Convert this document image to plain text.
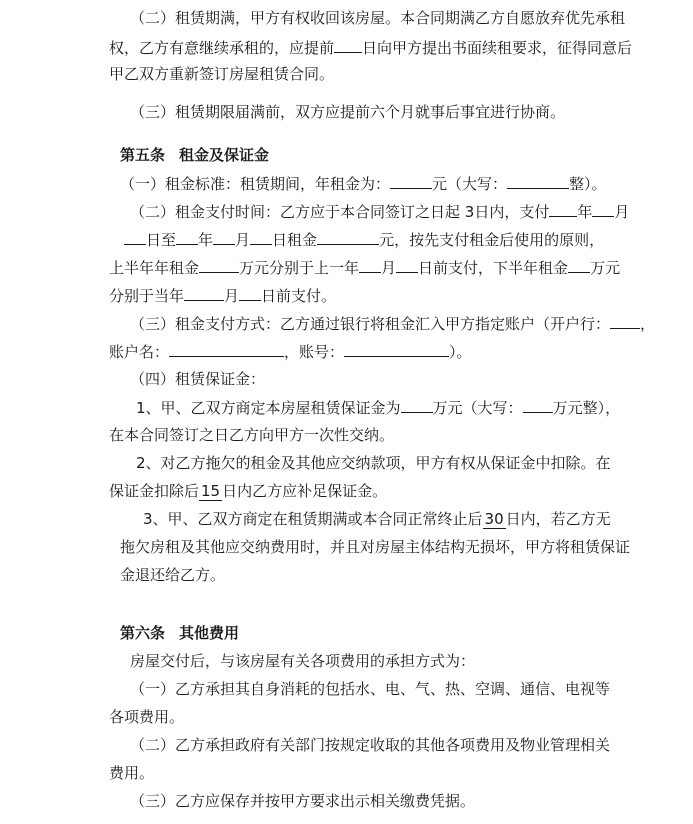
（二）租赁期满，甲方有权收回该房屋。本合同期满乙方自愿放弃优先承租
权，乙方有意继续承租的，应提前 日向甲方提出书面续租要求，征得同意后
甲乙双方重新签订房屋租赁合同。
（三）租赁期限届满前，双方应提前六个月就事后事宜进行协商。
第五条 租金及保证金
（一）租金标准：租赁期间，年租金为：	元（大写：	整）。
（二）租金支付时间：乙方应于本合同签订之日起 3日内，支付 年 月
日至 年 月 日租金	元，按先支付租金后使用的原则，
上半年年租金	万元分别于上一年 月 日前支付，下半年租金 万元
分别于当年	月 日前支付。
（三）租金支付方式：乙方通过银行将租金汇入甲方指定账户（开户行： ，
账户名：	，账号：	）。
（四）租赁保证金：
1、甲、乙双方商定本房屋租赁保证金为 万元（大写： 万元整），
在本合同签订之日乙方向甲方一次性交纳。
2、对乙方拖欠的租金及其他应交纳款项，甲方有权从保证金中扣除。在
保证金扣除后 15 日内乙方应补足保证金。
3、甲、乙双方商定在租赁期满或本合同正常终止后 30 日内，若乙方无
拖欠房租及其他应交纳费用时，并且对房屋主体结构无损坏，甲方将租赁保证
金退还给乙方。
第六条 其他费用
房屋交付后，与该房屋有关各项费用的承担方式为：
（一）乙方承担其自身消耗的包括水、电、气、热、空调、通信、电视等
各项费用。
（二）乙方承担政府有关部门按规定收取的其他各项费用及物业管理相关
费用。
（三）乙方应保存并按甲方要求出示相关缴费凭据。
